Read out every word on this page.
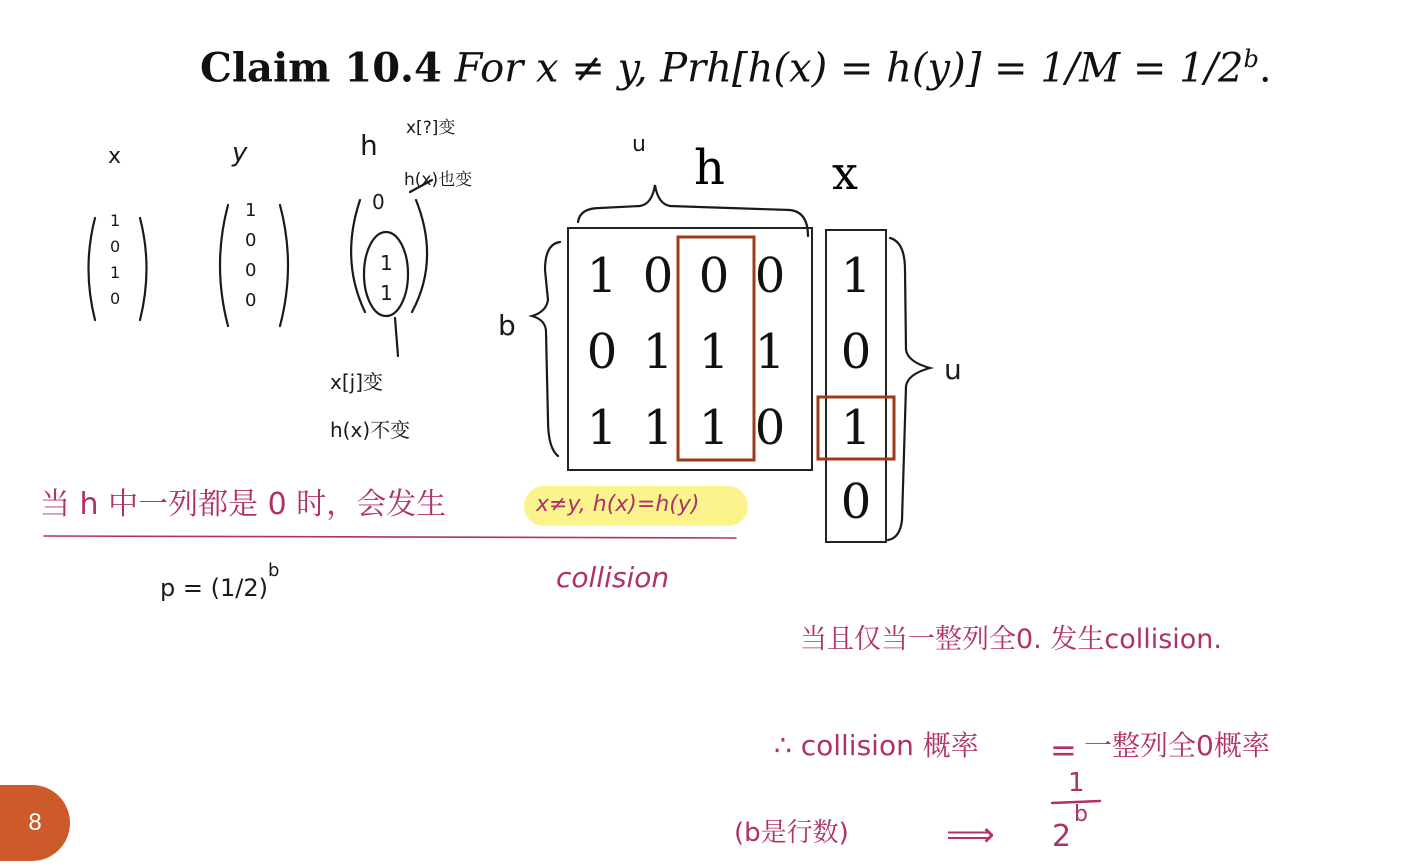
Claim 10.4 For x ≠ y, $Prh[h(x) = h(y)] = 1/M = 1/2^b$.
x
1
0
1
0
y
1
0
0
0
h
0
1
1
x[?]变
h(x)也变
x[j]变
h(x)不变
u h x
b
u
1 0 0 0
0 1 1 1
1 1 1 0
1
0
1
0
当 h 中一列都是 0 时，会发生	x≠y, h(x)=h(y)
p = (1/2)
b	collision
当且仅当一整列全0. 发生collision.
∴ collision 概率 = 一整列全0概率
(b是行数)	⟹
1
2
b
8
